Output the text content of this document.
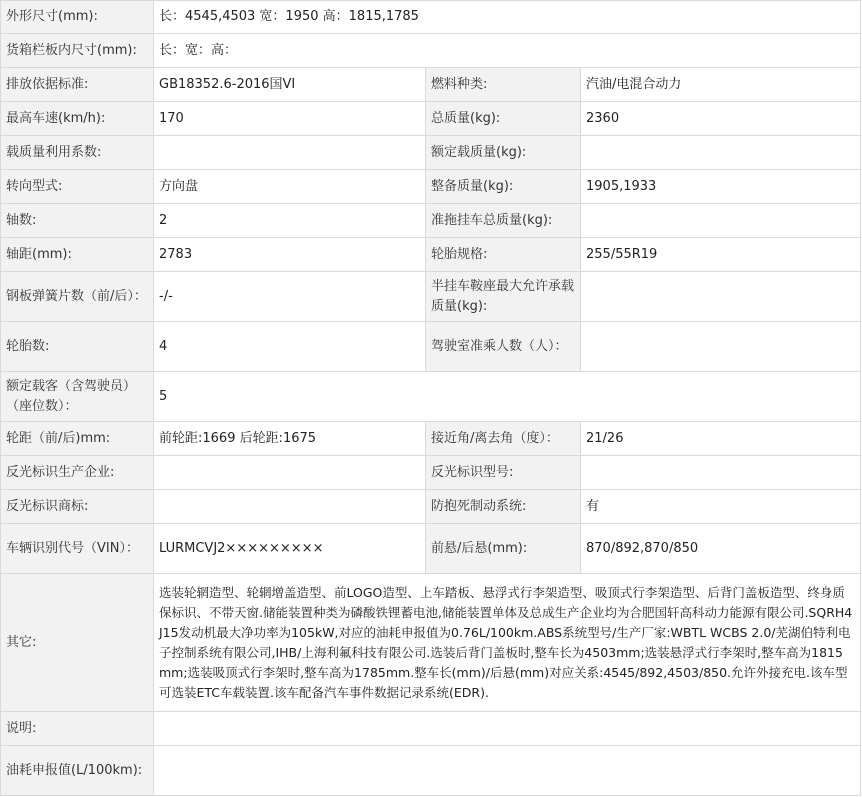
外形尺寸(mm):	长：4545,4503 宽：1950 高：1815,1785		
货箱栏板内尺寸(mm):	长：宽：高：		
排放依据标准:	GB18352.6-2016国VI	燃料种类:	汽油/电混合动力
最高车速(km/h):	170	总质量(kg):	2360
载质量利用系数:		额定载质量(kg):	
转向型式:	方向盘	整备质量(kg):	1905,1933
轴数:	2	准拖挂车总质量(kg):	
轴距(mm):	2783	轮胎规格:	255/55R19
钢板弹簧片数（前/后）：	-/-	半挂车鞍座最大允许承载质量(kg):	
轮胎数:	4	驾驶室准乘人数（人）：	
额定载客（含驾驶员）（座位数）：	5		
轮距（前/后)mm:	前轮距:1669 后轮距:1675	接近角/离去角（度）：	21/26
反光标识生产企业:		反光标识型号:	
反光标识商标:		防抱死制动系统:	有
车辆识别代号（VIN）：	LURMCVJ2×××××××××	前悬/后悬(mm):	870/892,870/850
其它:	选装轮辋造型、轮辋增盖造型、前LOGO造型、上车踏板、悬浮式行李架造型、吸顶式行李架造型、后背门盖板造型、终身质保标识、不带天窗.储能装置种类为磷酸铁锂蓄电池,储能装置单体及总成生产企业均为合肥国轩高科动力能源有限公司.SQRH4J15发动机最大净功率为105kW,对应的油耗申报值为0.76L/100km.ABS系统型号/生产厂家:WBTL WCBS 2.0/芜湖伯特利电子控制系统有限公司,IHB/上海利氟科技有限公司.选装后背门盖板时,整车长为4503mm;选装悬浮式行李架时,整车高为1815mm;选装吸顶式行李架时,整车高为1785mm.整车长(mm)/后悬(mm)对应关系:4545/892,4503/850.允许外接充电.该车型可选装ETC车载装置.该车配备汽车事件数据记录系统(EDR).		
说明:			
油耗申报值(L/100km):			
